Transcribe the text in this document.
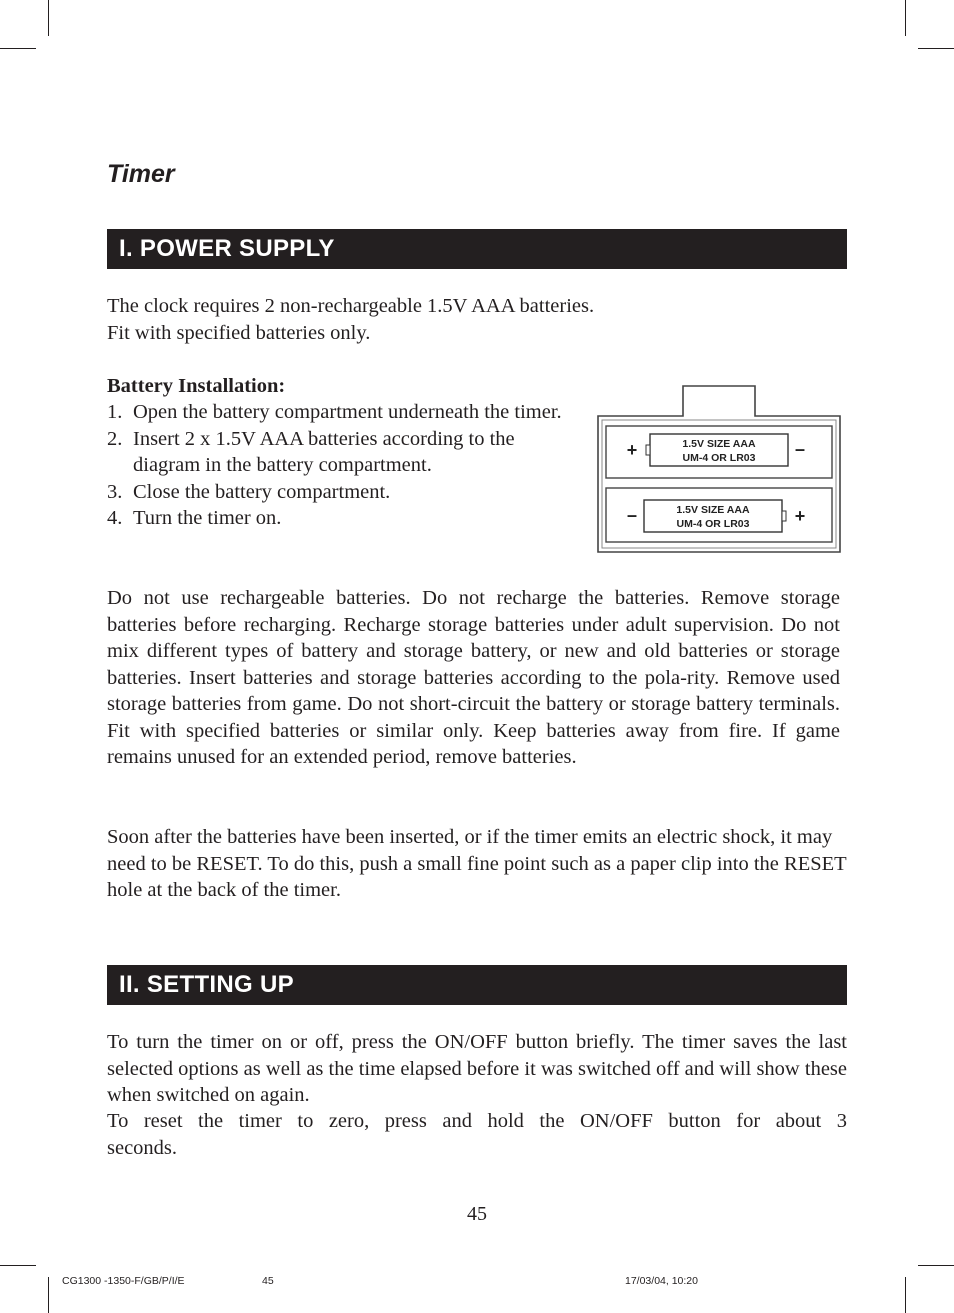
Timer
I. POWER SUPPLY

The clock requires 2 non-rechargeable 1.5V AAA batteries.
Fit with specified batteries only.

Battery Installation:

1. Open the battery compartment underneath the timer.
2. Insert 2 x 1.5V AAA batteries according to the diagram in the battery compartment.
3. Close the battery compartment.
4. Turn the timer on.
1.5V SIZE AAA
UM-4 OR LR03
+	–
1.5V SIZE AAA
UM-4 OR LR03
–	+

Do not use rechargeable batteries. Do not recharge the batteries. Remove storage batteries before recharging. Recharge storage batteries under adult supervision. Do not mix different types of battery and storage battery, or new and old batteries or storage batteries. Insert batteries and storage batteries according to the pola-rity. Remove used storage batteries from game. Do not short-circuit the battery or storage battery terminals. Fit with specified batteries or similar only. Keep batteries away from fire. If game remains unused for an extended period, remove batteries.

Soon after the batteries have been inserted, or if the timer emits an electric shock, it may need to be RESET. To do this, push a small fine point such as a paper clip into the RESET hole at the back of the timer.

II. SETTING UP

To turn the timer on or off, press the ON/OFF button briefly. The timer saves the last selected options as well as the time elapsed before it was switched off and will show these when switched on again.

To reset the timer to zero, press and hold the ON/OFF button for about 3 seconds.

45
CG1300 -1350-F/GB/P/I/E	45	17/03/04, 10:20
